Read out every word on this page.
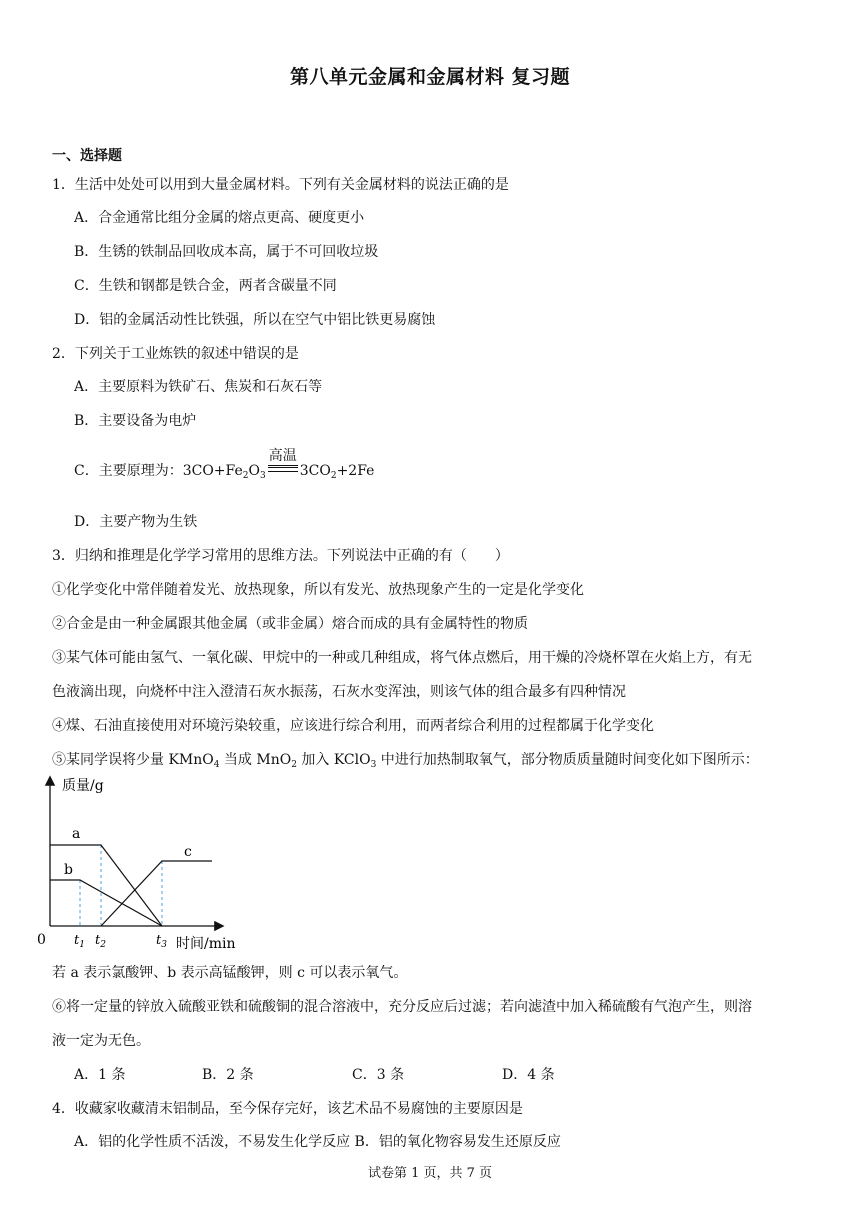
第八单元金属和金属材料 复习题
一、选择题
1．生活中处处可以用到大量金属材料。下列有关金属材料的说法正确的是
A．合金通常比组分金属的熔点更高、硬度更小
B．生锈的铁制品回收成本高，属于不可回收垃圾
C．生铁和钢都是铁合金，两者含碳量不同
D．铝的金属活动性比铁强，所以在空气中铝比铁更易腐蚀
2．下列关于工业炼铁的叙述中错误的是
A．主要原料为铁矿石、焦炭和石灰石等
B．主要设备为电炉
C．主要原理为：$3CO+Fe_2O_3$
高温
$3CO_2+2Fe$
D．主要产物为生铁
3．归纳和推理是化学学习常用的思维方法。下列说法中正确的有（　　）
①化学变化中常伴随着发光、放热现象，所以有发光、放热现象产生的一定是化学变化
②合金是由一种金属跟其他金属（或非金属）熔合而成的具有金属特性的物质
③某气体可能由氢气、一氧化碳、甲烷中的一种或几种组成，将气体点燃后，用干燥的冷烧杯罩在火焰上方，有无
色液滴出现，向烧杯中注入澄清石灰水振荡，石灰水变浑浊，则该气体的组合最多有四种情况
④煤、石油直接使用对环境污染较重，应该进行综合利用，而两者综合利用的过程都属于化学变化
⑤某同学误将少量 KMnO$_4$ 当成 MnO$_2$ 加入 KClO$_3$ 中进行加热制取氧气，部分物质质量随时间变化如下图所示：
质量/g
时间/min
0
a
b
c
$t_1$ $t_2$	$t_3$
若 a 表示氯酸钾、b 表示高锰酸钾，则 c 可以表示氧气。
⑥将一定量的锌放入硫酸亚铁和硫酸铜的混合溶液中，充分反应后过滤；若向滤渣中加入稀硫酸有气泡产生，则溶
液一定为无色。
A．1 条	B．2 条	C．3 条	D．4 条
4．收藏家收藏清末铝制品，至今保存完好，该艺术品不易腐蚀的主要原因是
A．铝的化学性质不活泼，不易发生化学反应 B．铝的氧化物容易发生还原反应
试卷第 1 页，共 7 页
